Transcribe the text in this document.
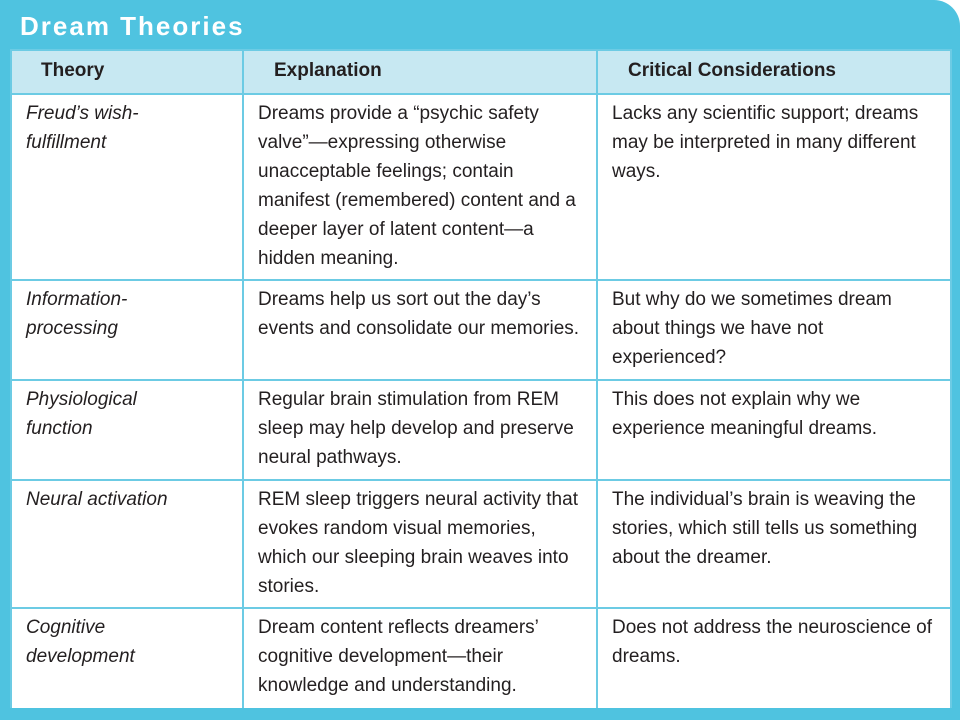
Dream Theories
Theory	Explanation	Critical Considerations
Freud’s wish-fulfillment	Dreams provide a “psychic safety valve”—expressing otherwise unacceptable feelings; contain manifest (remembered) content and a deeper layer of latent content—a hidden meaning.	Lacks any scientific support; dreams may be interpreted in many different ways.
Information-processing	Dreams help us sort out the day’s events and consolidate our memories.	But why do we sometimes dream about things we have not experienced?
Physiological function	Regular brain stimulation from REM sleep may help develop and preserve neural pathways.	This does not explain why we experience meaningful dreams.
Neural activation	REM sleep triggers neural activity that evokes random visual memories, which our sleeping brain weaves into stories.	The individual’s brain is weaving the stories, which still tells us something about the dreamer.
Cognitive development	Dream content reflects dreamers’ cognitive development—their knowledge and understanding.	Does not address the neuroscience of dreams.
